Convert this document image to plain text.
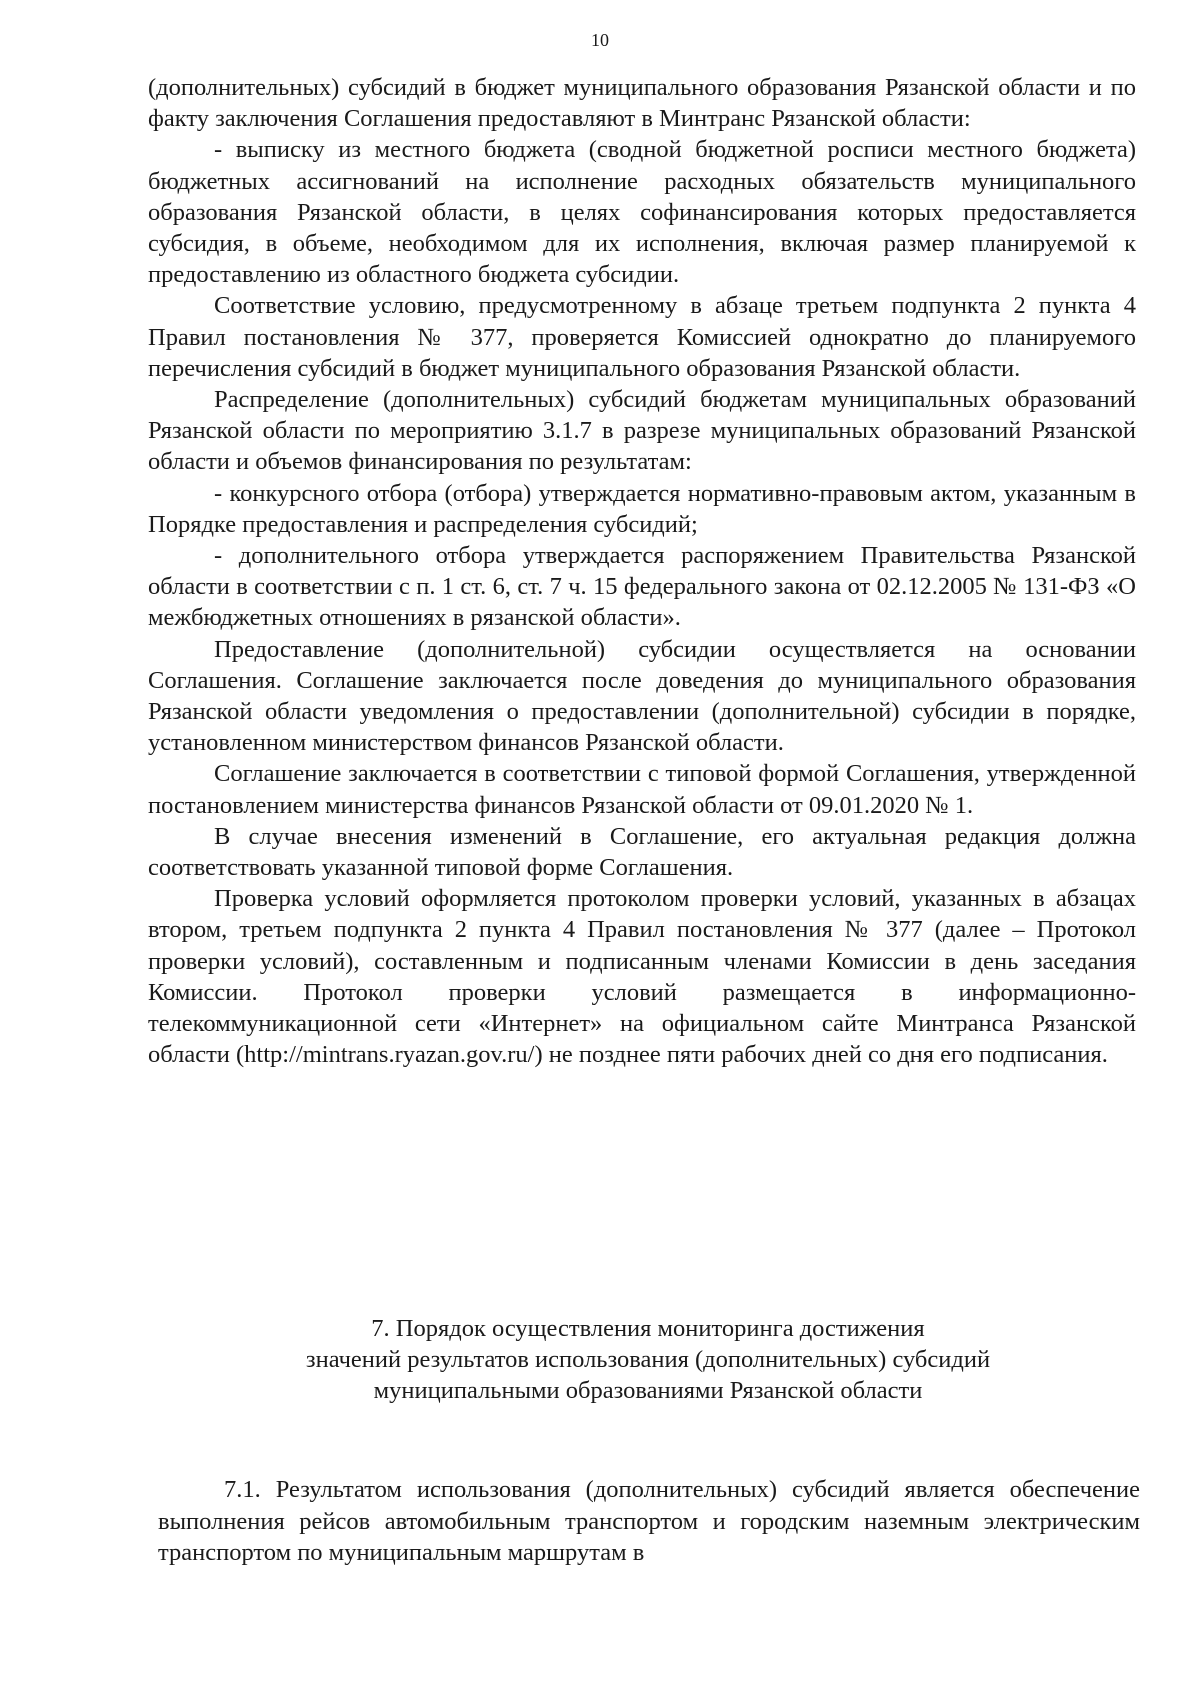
10

(дополнительных) субсидий в бюджет муниципального образования Рязанской области и по факту заключения Соглашения предоставляют в Минтранс Рязанской области:

- выписку из местного бюджета (сводной бюджетной росписи местного бюджета) бюджетных ассигнований на исполнение расходных обязательств муниципального образования Рязанской области, в целях софинансирования которых предоставляется субсидия, в объеме, необходимом для их исполнения, включая размер планируемой к предоставлению из областного бюджета субсидии.

Соответствие условию, предусмотренному в абзаце третьем подпункта 2 пункта 4 Правил постановления № 377, проверяется Комиссией однократно до планируемого перечисления субсидий в бюджет муниципального образования Рязанской области.

Распределение (дополнительных) субсидий бюджетам муниципальных образований Рязанской области по мероприятию 3.1.7 в разрезе муниципальных образований Рязанской области и объемов финансирования по результатам:

- конкурсного отбора (отбора) утверждается нормативно-правовым актом, указанным в Порядке предоставления и распределения субсидий;

- дополнительного отбора утверждается распоряжением Правительства Рязанской области в соответствии с п. 1 ст. 6, ст. 7 ч. 15 федерального закона от 02.12.2005 № 131-ФЗ «О межбюджетных отношениях в рязанской области».

Предоставление (дополнительной) субсидии осуществляется на основании Соглашения. Соглашение заключается после доведения до муниципального образования Рязанской области уведомления о предоставлении (дополнительной) субсидии в порядке, установленном министерством финансов Рязанской области.

Соглашение заключается в соответствии с типовой формой Соглашения, утвержденной постановлением министерства финансов Рязанской области от 09.01.2020 № 1.

В случае внесения изменений в Соглашение, его актуальная редакция должна соответствовать указанной типовой форме Соглашения.

Проверка условий оформляется протоколом проверки условий, указанных в абзацах втором, третьем подпункта 2 пункта 4 Правил постановления № 377 (далее – Протокол проверки условий), составленным и подписанным членами Комиссии в день заседания Комиссии. Протокол проверки условий размещается в информационно-телекоммуникационной сети «Интернет» на официальном сайте Минтранса Рязанской области (http://mintrans.ryazan.gov.ru/) не позднее пяти рабочих дней со дня его подписания.

7. Порядок осуществления мониторинга достижения
значений результатов использования (дополнительных) субсидий
муниципальными образованиями Рязанской области

7.1. Результатом использования (дополнительных) субсидий является обеспечение выполнения рейсов автомобильным транспортом и городским наземным электрическим транспортом по муниципальным маршрутам в
